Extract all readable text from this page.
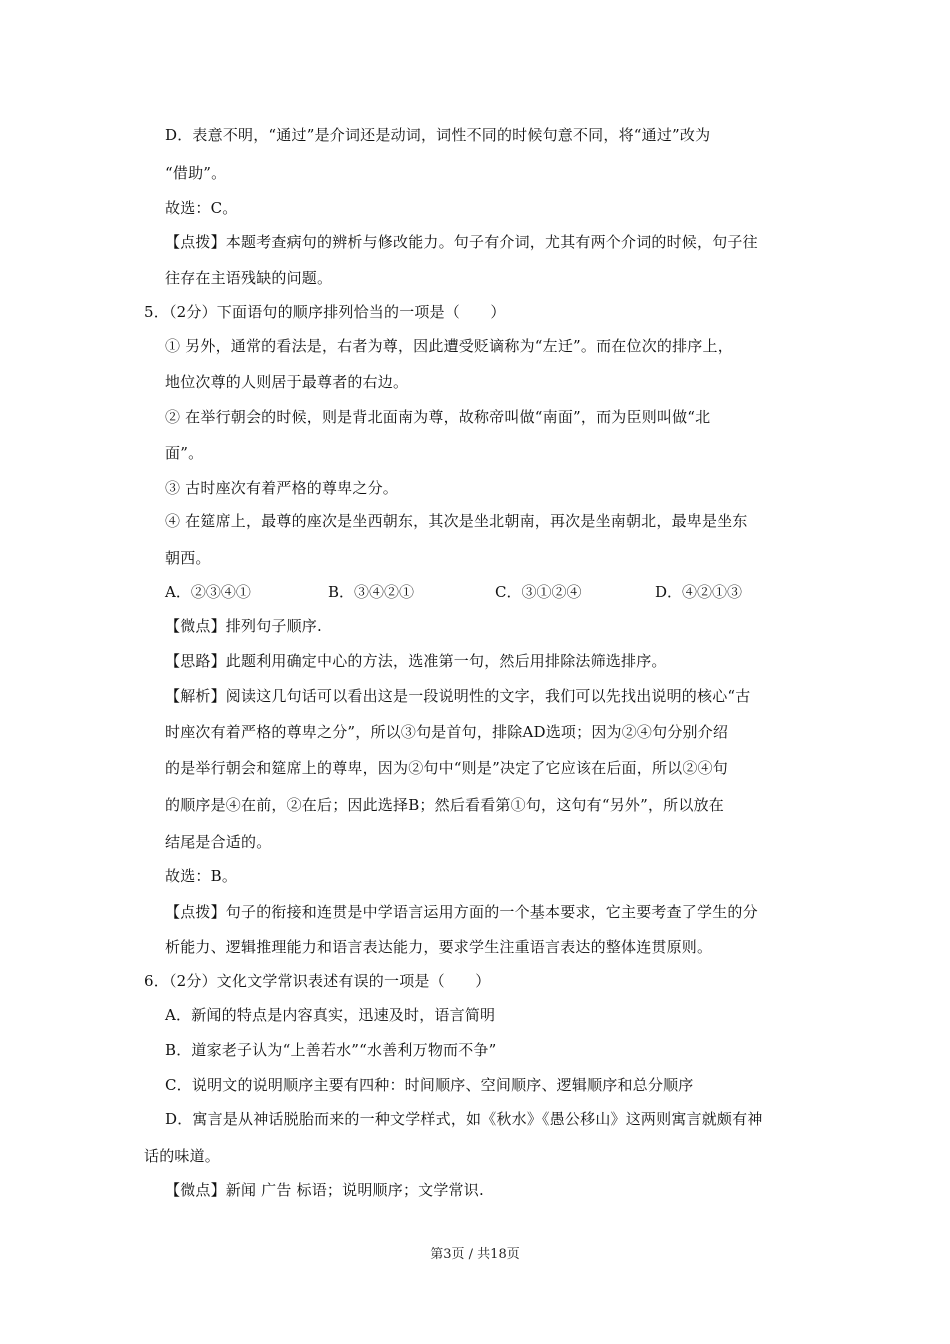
D．表意不明，“通过”是介词还是动词，词性不同的时候句意不同，将“通过”改为
“借助”。
故选：C。
【点拨】本题考查病句的辨析与修改能力。句子有介词，尤其有两个介词的时候，句子往
往存在主语残缺的问题。
5．（2分）下面语句的顺序排列恰当的一项是（　　）
① 另外，通常的看法是，右者为尊，因此遭受贬谪称为“左迁”。而在位次的排序上，
地位次尊的人则居于最尊者的右边。
② 在举行朝会的时候，则是背北面南为尊，故称帝叫做“南面”，而为臣则叫做“北
面”。
③ 古时座次有着严格的尊卑之分。
④ 在筵席上，最尊的座次是坐西朝东，其次是坐北朝南，再次是坐南朝北，最卑是坐东
朝西。
A．②③④①	B．③④②①	C．③①②④	D．④②①③
【微点】排列句子顺序.
【思路】此题利用确定中心的方法，选准第一句，然后用排除法筛选排序。
【解析】阅读这几句话可以看出这是一段说明性的文字，我们可以先找出说明的核心“古
时座次有着严格的尊卑之分”，所以③句是首句，排除AD选项；因为②④句分别介绍
的是举行朝会和筵席上的尊卑，因为②句中“则是”决定了它应该在后面，所以②④句
的顺序是④在前，②在后；因此选择B；然后看看第①句，这句有“另外”，所以放在
结尾是合适的。
故选：B。
【点拨】句子的衔接和连贯是中学语言运用方面的一个基本要求，它主要考查了学生的分
析能力、逻辑推理能力和语言表达能力，要求学生注重语言表达的整体连贯原则。
6．（2分）文化文学常识表述有误的一项是（　　）
A．新闻的特点是内容真实，迅速及时，语言简明
B．道家老子认为“上善若水”“水善利万物而不争”
C．说明文的说明顺序主要有四种：时间顺序、空间顺序、逻辑顺序和总分顺序
D．寓言是从神话脱胎而来的一种文学样式，如《秋水》《愚公移山》这两则寓言就颇有神
话的味道。
【微点】新闻 广告 标语；说明顺序；文学常识.
第3页 / 共18页
